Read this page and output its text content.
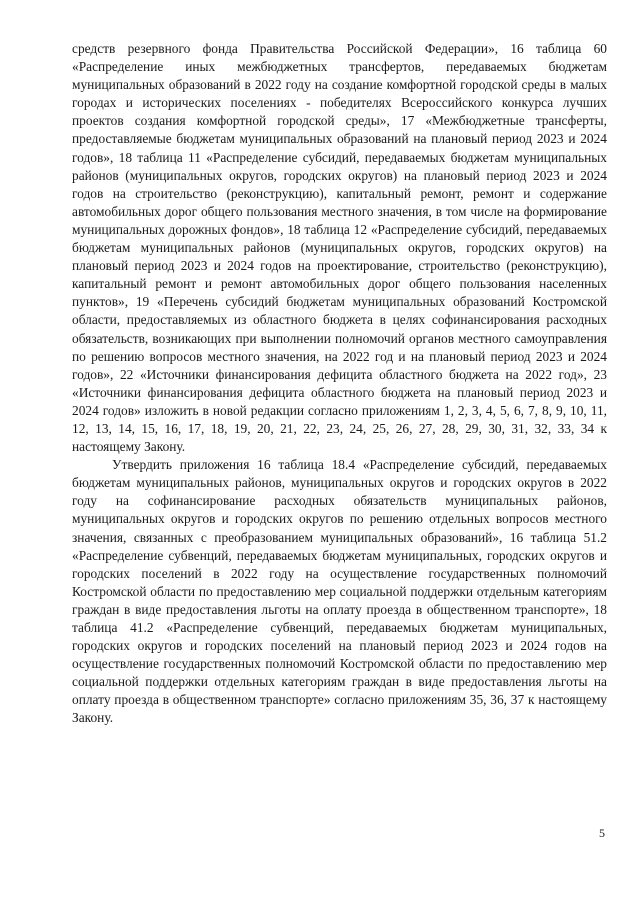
средств резервного фонда Правительства Российской Федерации», 16 таблица 60 «Распределение иных межбюджетных трансфертов, передаваемых бюджетам муниципальных образований в 2022 году на создание комфортной городской среды в малых городах и исторических поселениях - победителях Всероссийского конкурса лучших проектов создания комфортной городской среды», 17 «Межбюджетные трансферты, предоставляемые бюджетам муниципальных образований на плановый период 2023 и 2024 годов», 18 таблица 11 «Распределение субсидий, передаваемых бюджетам муниципальных районов (муниципальных округов, городских округов) на плановый период 2023 и 2024 годов на строительство (реконструкцию), капитальный ремонт, ремонт и содержание автомобильных дорог общего пользования местного значения, в том числе на формирование муниципальных дорожных фондов», 18 таблица 12 «Распределение субсидий, передаваемых бюджетам муниципальных районов (муниципальных округов, городских округов) на плановый период 2023 и 2024 годов на проектирование, строительство (реконструкцию), капитальный ремонт и ремонт автомобильных дорог общего пользования населенных пунктов», 19 «Перечень субсидий бюджетам муниципальных образований Костромской области, предоставляемых из областного бюджета в целях софинансирования расходных обязательств, возникающих при выполнении полномочий органов местного самоуправления по решению вопросов местного значения, на 2022 год и на плановый период 2023 и 2024 годов», 22 «Источники финансирования дефицита областного бюджета на 2022 год», 23 «Источники финансирования дефицита областного бюджета на плановый период 2023 и 2024 годов» изложить в новой редакции согласно приложениям 1, 2, 3, 4, 5, 6, 7, 8, 9, 10, 11, 12, 13, 14, 15, 16, 17, 18, 19, 20, 21, 22, 23, 24, 25, 26, 27, 28, 29, 30, 31, 32, 33, 34 к настоящему Закону.

Утвердить приложения 16 таблица 18.4 «Распределение субсидий, передаваемых бюджетам муниципальных районов, муниципальных округов и городских округов в 2022 году на софинансирование расходных обязательств муниципальных районов, муниципальных округов и городских округов по решению отдельных вопросов местного значения, связанных с преобразованием муниципальных образований», 16 таблица 51.2 «Распределение субвенций, передаваемых бюджетам муниципальных, городских округов и городских поселений в 2022 году на осуществление государственных полномочий Костромской области по предоставлению мер социальной поддержки отдельным категориям граждан в виде предоставления льготы на оплату проезда в общественном транспорте», 18 таблица 41.2 «Распределение субвенций, передаваемых бюджетам муниципальных, городских округов и городских поселений на плановый период 2023 и 2024 годов на осуществление государственных полномочий Костромской области по предоставлению мер социальной поддержки отдельных категориям граждан в виде предоставления льготы на оплату проезда в общественном транспорте» согласно приложениям 35, 36, 37 к настоящему Закону.

5
